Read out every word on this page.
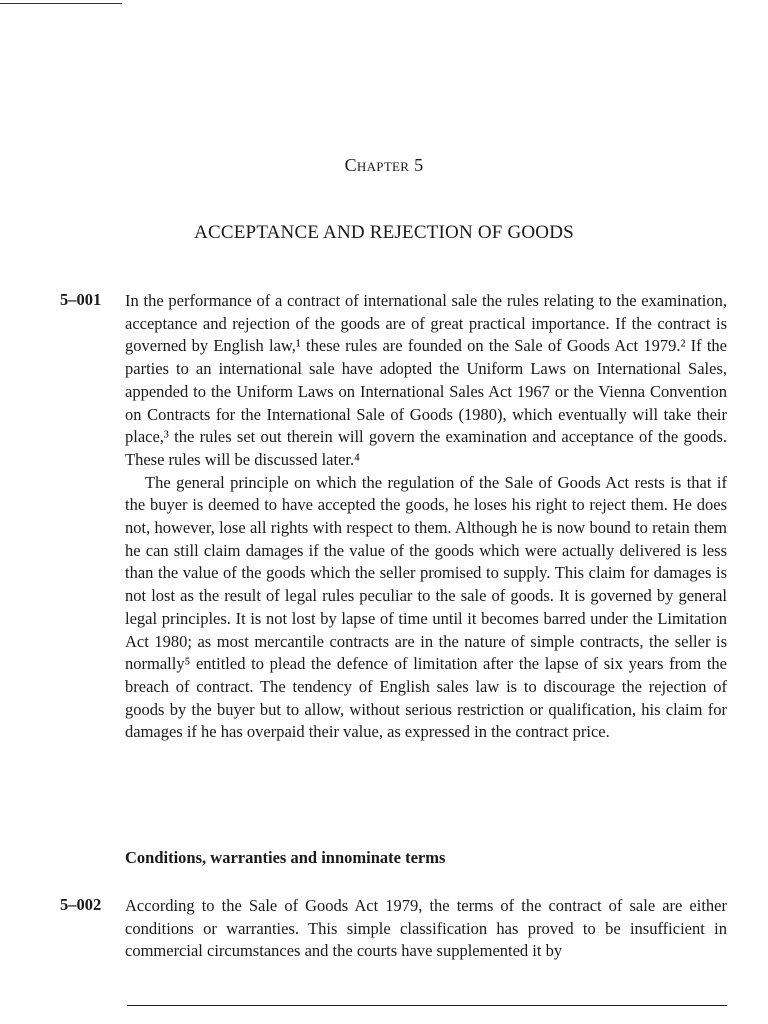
Chapter 5
ACCEPTANCE AND REJECTION OF GOODS
5–001 In the performance of a contract of international sale the rules relating to the examination, acceptance and rejection of the goods are of great practical importance. If the contract is governed by English law,¹ these rules are founded on the Sale of Goods Act 1979.² If the parties to an international sale have adopted the Uniform Laws on International Sales, appended to the Uniform Laws on International Sales Act 1967 or the Vienna Convention on Contracts for the International Sale of Goods (1980), which eventually will take their place,³ the rules set out therein will govern the examination and acceptance of the goods. These rules will be discussed later.⁴

The general principle on which the regulation of the Sale of Goods Act rests is that if the buyer is deemed to have accepted the goods, he loses his right to reject them. He does not, however, lose all rights with respect to them. Although he is now bound to retain them he can still claim damages if the value of the goods which were actually delivered is less than the value of the goods which the seller promised to supply. This claim for damages is not lost as the result of legal rules peculiar to the sale of goods. It is governed by general legal principles. It is not lost by lapse of time until it becomes barred under the Limitation Act 1980; as most mercantile contracts are in the nature of simple contracts, the seller is normally⁵ entitled to plead the defence of limitation after the lapse of six years from the breach of contract. The tendency of English sales law is to discourage the rejection of goods by the buyer but to allow, without serious restriction or qualification, his claim for damages if he has overpaid their value, as expressed in the contract price.

Conditions, warranties and innominate terms
5–002 According to the Sale of Goods Act 1979, the terms of the contract of sale are either conditions or warranties. This simple classification has proved to be insufficient in commercial circumstances and the courts have supplemented it by
